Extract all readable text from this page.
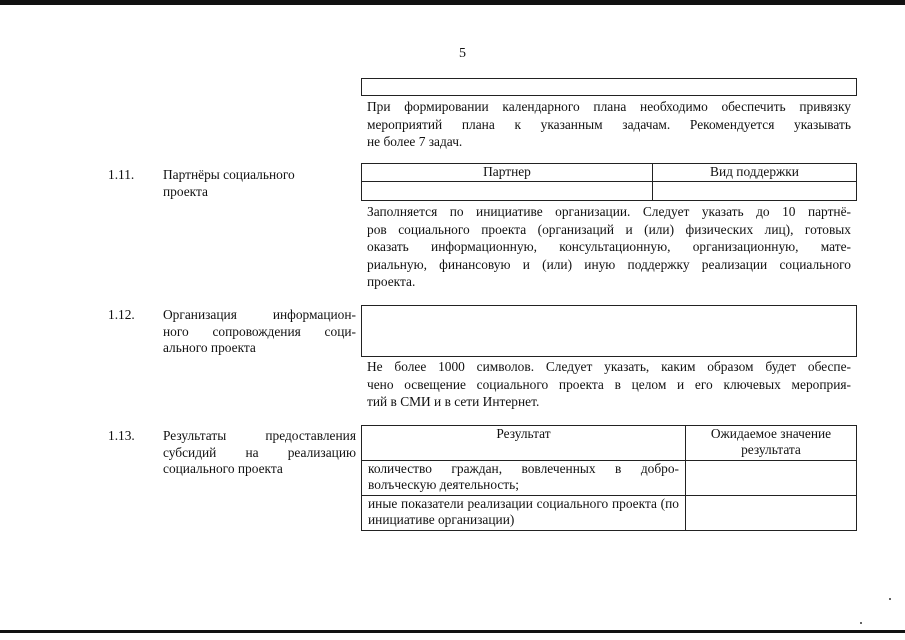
5
При формировании календарного плана необходимо обеспечить привязку
мероприятий плана к указанным задачам. Рекомендуется указывать
не более 7 задач.
1.11. Партнёры социального
проекта
Партнер	Вид поддержки

Заполняется по инициативе организации. Следует указать до 10 партнё-
ров социального проекта (организаций и (или) физических лиц), готовых
оказать информационную, консультационную, организационную, мате-
риальную, финансовую и (или) иную поддержку реализации социального
проекта.
1.12. Организация информацион-
ного сопровождения соци-
ального проекта
Не более 1000 символов. Следует указать, каким образом будет обеспе-
чено освещение социального проекта в целом и его ключевых мероприя-
тий в СМИ и в сети Интернет.
1.13. Результаты предоставления
субсидий на реализацию
социального проекта
Результат	Ожидаемое значение результата
количество граждан, вовлеченных в добро-волъческую деятельность;	
иные показатели реализации социального проекта (по инициативе организации)	
